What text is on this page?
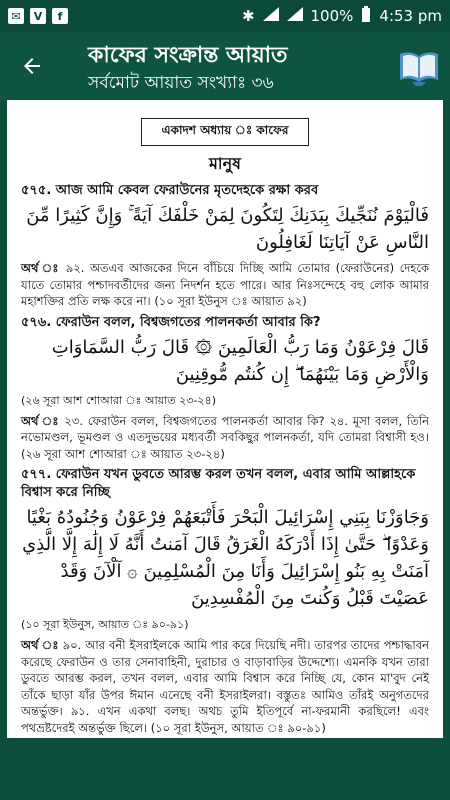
✉	V	f	✱	100% 4:53 pm
কাফের সংক্রান্ত আয়াত
সর্বমোট আয়াত সংখ্যাঃ ৩৬
একাদশ অধ্যায় ঃ কাফের
মানুষ
৫৭৫. আজ আমি কেবল ফেরাউনের মৃতদেহকে রক্ষা করব
فَالْيَوْمَ نُنَجِّيكَ بِبَدَنِكَ لِتَكُونَ لِمَنْ خَلْفَكَ آيَةً ۚ وَإِنَّ كَثِيرًا مِّنَ النَّاسِ عَنْ آيَاتِنَا لَغَافِلُونَ

অর্থ ঃ ৯২. অতএব আজকের দিনে বাঁচিয়ে দিচ্ছি আমি তোমার (ফেরাউনের) দেহকে যাতে তোমার পশ্চাদবর্তীদের জন্য নিদর্শন হতে পারে। আর নিঃসন্দেহে বহু লোক আমার মহাশক্তির প্রতি লক্ষ করে না। (১০ সূরা ইউনুস ঃ আয়াত ৯২)

৫৭৬. ফেরাউন বলল, বিশ্বজগতের পালনকর্তা আবার কি?
قَالَ فِرْعَوْنُ وَمَا رَبُّ الْعَالَمِينَ ۞ قَالَ رَبُّ السَّمَاوَاتِ وَالْأَرْضِ وَمَا بَيْنَهُمَا ۖ إِن كُنتُم مُّوقِنِينَ
(২৬ সূরা আশ শোআরা ঃ আয়াত ২৩-২৪)

অর্থ ঃ ২৩. ফেরাউন বলল, বিশ্বজগতের পালনকর্তা আবার কি? ২৪. মূসা বলল, তিনি নভোমণ্ডল, ভূমণ্ডল ও এতদুভয়ের মধ্যবর্তী সবকিছুর পালনকর্তা, যদি তোমরা বিশ্বাসী হও। (২৬ সূরা আশ শোআরা ঃ আয়াত ২৩-২৪)

৫৭৭. ফেরাউন যখন ডুবতে আরম্ভ করল তখন বলল, এবার আমি আল্লাহকে বিশ্বাস করে নিচ্ছি
وَجَاوَزْنَا بِبَنِي إِسْرَائِيلَ الْبَحْرَ فَأَتْبَعَهُمْ فِرْعَوْنُ وَجُنُودُهُ بَغْيًا وَعَدْوًا ۖ حَتَّىٰ إِذَا أَدْرَكَهُ الْغَرَقُ قَالَ آمَنتُ أَنَّهُ لَا إِلَٰهَ إِلَّا الَّذِي آمَنَتْ بِهِ بَنُو إِسْرَائِيلَ وَأَنَا مِنَ الْمُسْلِمِينَ ۞ آلْآنَ وَقَدْ عَصَيْتَ قَبْلُ وَكُنتَ مِنَ الْمُفْسِدِينَ
(১০ সূরা ইউনুস, আয়াত ঃ ৯০-৯১)

অর্থ ঃ ৯০. আর বনী ইসরাইলকে আমি পার করে দিয়েছি নদী। তারপর তাদের পশ্চাদ্ধাবন করেছে ফেরাউন ও তার সেনাবাহিনী, দুরাচার ও বাড়াবাড়ির উদ্দেশ্যে। এমনকি যখন তারা ডুবতে আরম্ভ করল, তখন বলল, এবার আমি বিশ্বাস করে নিচ্ছি যে, কোন মা'বুদ নেই তাঁকে ছাড়া যাঁর উপর ঈমান এনেছে বনী ইসরাইলরা। বস্তুতঃ আমিও তাঁরই অনুগতদের অন্তর্ভুক্ত। ৯১. এখন একথা বলছ। অথচ তুমি ইতিপূর্বে না-ফরমানী করছিলে! এবং পথভ্রষ্টদেরই অন্তর্ভুক্ত ছিলে। (১০ সূরা ইউনুস, আয়াত ঃ ৯০-৯১)
